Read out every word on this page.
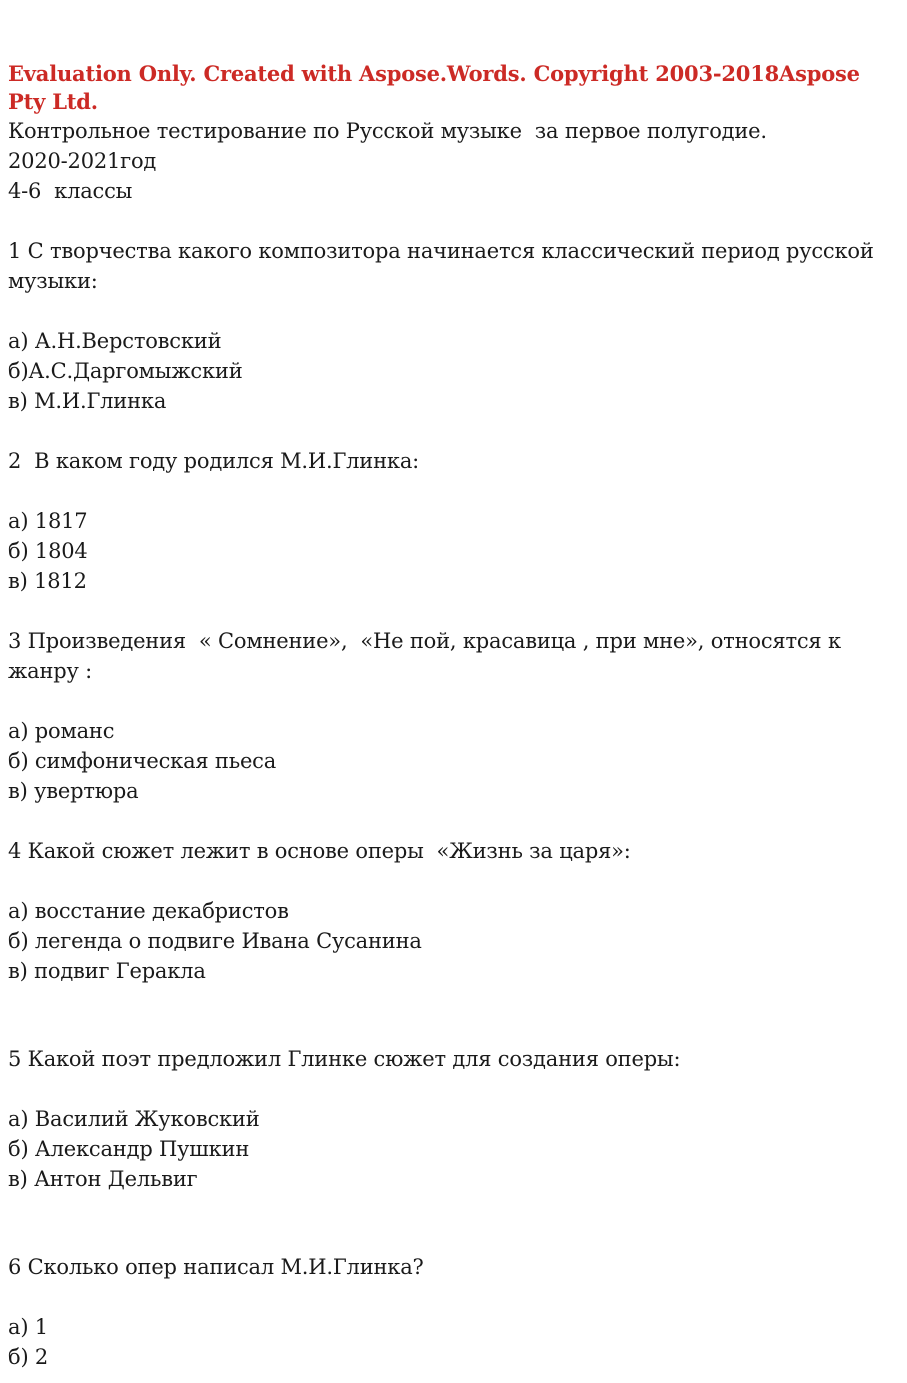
Evaluation Only. Created with Aspose.Words. Copyright 2003-2018Aspose Pty Ltd.
Контрольное тестирование по Русской музыке  за первое полугодие.
2020-2021год
4-6  классы
1 С творчества какого композитора начинается классический период русской музыки:
а) А.Н.Верстовский
б)А.С.Даргомыжский
в) М.И.Глинка
2  В каком году родился М.И.Глинка:
а) 1817
б) 1804
в) 1812
3 Произведения  « Сомнение»,  «Не пой, красавица , при мне», относятся к жанру :
а) романс
б) симфоническая пьеса
в) увертюра
4 Какой сюжет лежит в основе оперы  «Жизнь за царя»:
а) восстание декабристов
б) легенда о подвиге Ивана Сусанина
в) подвиг Геракла
5 Какой поэт предложил Глинке сюжет для создания оперы:
а) Василий Жуковский
б) Александр Пушкин
в) Антон Дельвиг
6 Сколько опер написал М.И.Глинка?
а) 1
б) 2
